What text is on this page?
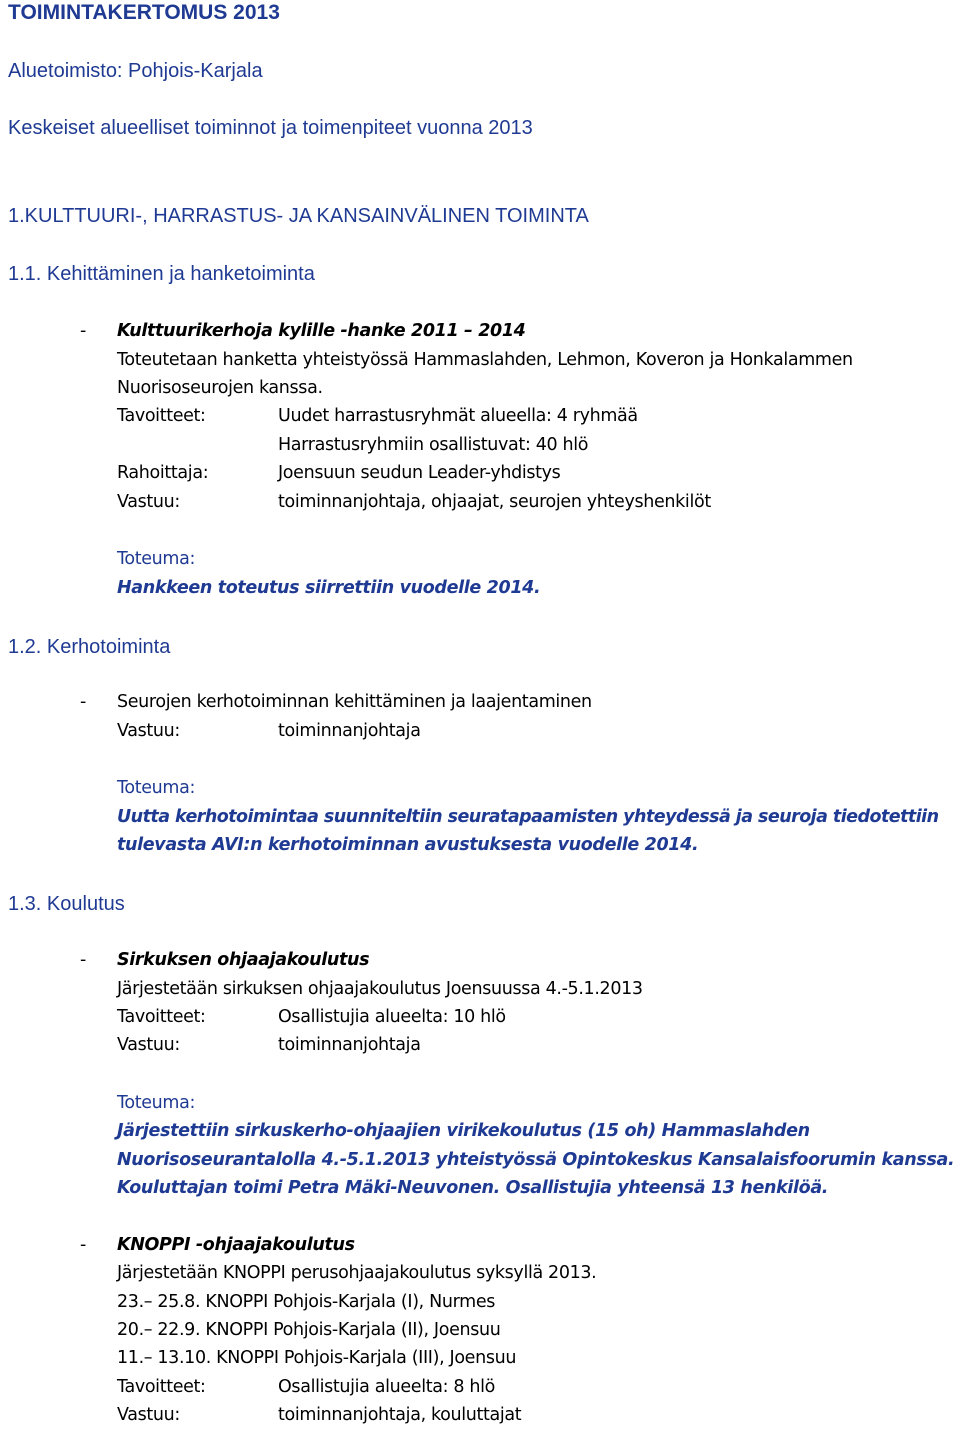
TOIMINTAKERTOMUS 2013
Aluetoimisto: Pohjois-Karjala
Keskeiset alueelliset toiminnot ja toimenpiteet vuonna 2013
1.KULTTUURI-, HARRASTUS- JA KANSAINVÄLINEN TOIMINTA
1.1. Kehittäminen ja hanketoiminta
- Kulttuurikerhoja kylille -hanke 2011 – 2014
Toteutetaan hanketta yhteistyössä Hammaslahden, Lehmon, Koveron ja Honkalammen
Nuorisoseurojen kanssa.
Tavoitteet:	Uudet harrastusryhmät alueella: 4 ryhmää
Harrastusryhmiin osallistuvat: 40 hlö
Rahoittaja:	Joensuun seudun Leader-yhdistys
Vastuu:	toiminnanjohtaja, ohjaajat, seurojen yhteyshenkilöt
Toteuma:
Hankkeen toteutus siirrettiin vuodelle 2014.
1.2. Kerhotoiminta
- Seurojen kerhotoiminnan kehittäminen ja laajentaminen
Vastuu:	toiminnanjohtaja
Toteuma:
Uutta kerhotoimintaa suunniteltiin seuratapaamisten yhteydessä ja seuroja tiedotettiin
tulevasta AVI:n kerhotoiminnan avustuksesta vuodelle 2014.
1.3. Koulutus
- Sirkuksen ohjaajakoulutus
Järjestetään sirkuksen ohjaajakoulutus Joensuussa 4.-5.1.2013
Tavoitteet:	Osallistujia alueelta: 10 hlö
Vastuu:	toiminnanjohtaja
Toteuma:
Järjestettiin sirkuskerho-ohjaajien virikekoulutus (15 oh) Hammaslahden
Nuorisoseurantalolla 4.-5.1.2013 yhteistyössä Opintokeskus Kansalaisfoorumin kanssa.
Kouluttajan toimi Petra Mäki-Neuvonen. Osallistujia yhteensä 13 henkilöä.
- KNOPPI -ohjaajakoulutus
Järjestetään KNOPPI perusohjaajakoulutus syksyllä 2013.
23.– 25.8. KNOPPI Pohjois-Karjala (I), Nurmes
20.– 22.9. KNOPPI Pohjois-Karjala (II), Joensuu
11.– 13.10. KNOPPI Pohjois-Karjala (III), Joensuu
Tavoitteet:	Osallistujia alueelta: 8 hlö
Vastuu:	toiminnanjohtaja, kouluttajat
